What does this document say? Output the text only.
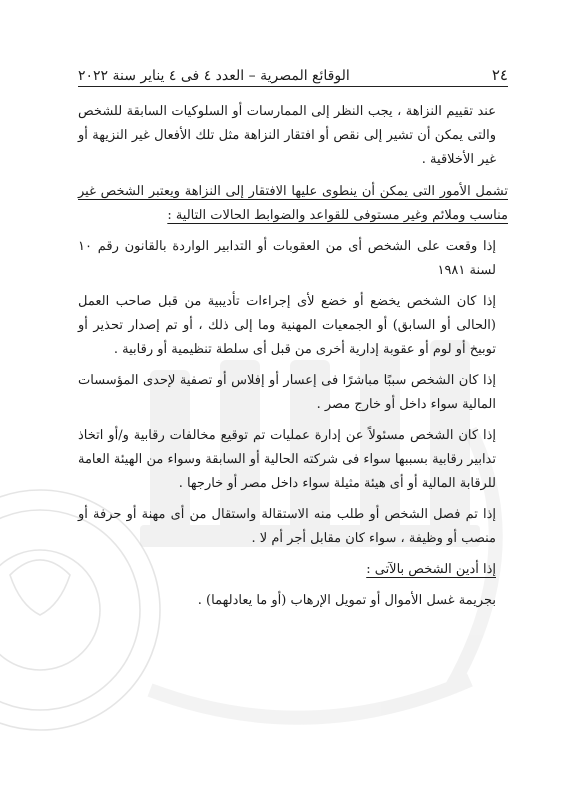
٢٤
الوقائع المصرية – العدد ٤ فى ٤ يناير سنة ٢٠٢٢

عند تقييم النزاهة ، يجب النظر إلى الممارسات أو السلوكيات السابقة للشخص والتى يمكن أن تشير إلى نقص أو افتقار النزاهة مثل تلك الأفعال غير النزيهة أو غير الأخلاقية .

تشمل الأمور التى يمكن أن ينطوى عليها الافتقار إلى النزاهة ويعتبر الشخص غير مناسب وملائم وغير مستوفى للقواعد والضوابط الحالات التالية :

إذا وقعت على الشخص أى من العقوبات أو التدابير الواردة بالقانون رقم ١٠ لسنة ١٩٨١

إذا كان الشخص يخضع أو خضع لأى إجراءات تأديبية من قبل صاحب العمل (الحالى أو السابق) أو الجمعيات المهنية وما إلى ذلك ، أو تم إصدار تحذير أو توبيخ أو لوم أو عقوبة إدارية أخرى من قبل أى سلطة تنظيمية أو رقابية .

إذا كان الشخص سببًا مباشرًا فى إعسار أو إفلاس أو تصفية لإحدى المؤسسات المالية سواء داخل أو خارج مصر .

إذا كان الشخص مسئولاً عن إدارة عمليات تم توقيع مخالفات رقابية و/أو اتخاذ تدابير رقابية بسببها سواء فى شركته الحالية أو السابقة وسواء من الهيئة العامة للرقابة المالية أو أى هيئة مثيلة سواء داخل مصر أو خارجها .

إذا تم فصل الشخص أو طلب منه الاستقالة واستقال من أى مهنة أو حرفة أو منصب أو وظيفة ، سواء كان مقابل أجر أم لا .

إذا أدين الشخص بالآتى :

بجريمة غسل الأموال أو تمويل الإرهاب (أو ما يعادلهما) .
